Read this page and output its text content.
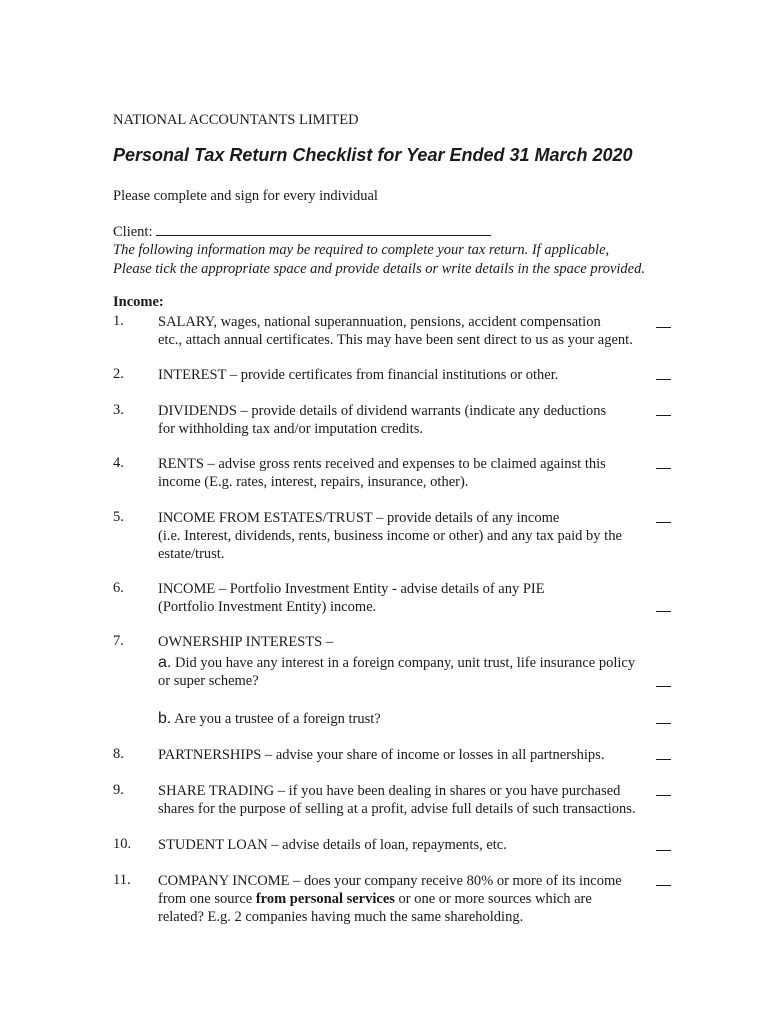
NATIONAL ACCOUNTANTS LIMITED
Personal Tax Return Checklist for Year Ended 31 March 2020
Please complete and sign for every individual
Client:
The following information may be required to complete your tax return. If applicable,
Please tick the appropriate space and provide details or write details in the space provided.
Income:
1. SALARY, wages, national superannuation, pensions, accident compensation
etc., attach annual certificates. This may have been sent direct to us as your agent.
2. INTEREST – provide certificates from financial institutions or other.
3. DIVIDENDS – provide details of dividend warrants (indicate any deductions
for withholding tax and/or imputation credits.
4. RENTS – advise gross rents received and expenses to be claimed against this
income (E.g. rates, interest, repairs, insurance, other).
5. INCOME FROM ESTATES/TRUST – provide details of any income
(i.e. Interest, dividends, rents, business income or other) and any tax paid by the
estate/trust.
6. INCOME – Portfolio Investment Entity - advise details of any PIE
(Portfolio Investment Entity) income.
7. OWNERSHIP INTERESTS –
a. Did you have any interest in a foreign company, unit trust, life insurance policy
or super scheme?
b. Are you a trustee of a foreign trust?
8. PARTNERSHIPS – advise your share of income or losses in all partnerships.
9. SHARE TRADING – if you have been dealing in shares or you have purchased
shares for the purpose of selling at a profit, advise full details of such transactions.
10. STUDENT LOAN – advise details of loan, repayments, etc.
11. COMPANY INCOME – does your company receive 80% or more of its income
from one source from personal services or one or more sources which are
related? E.g. 2 companies having much the same shareholding.
